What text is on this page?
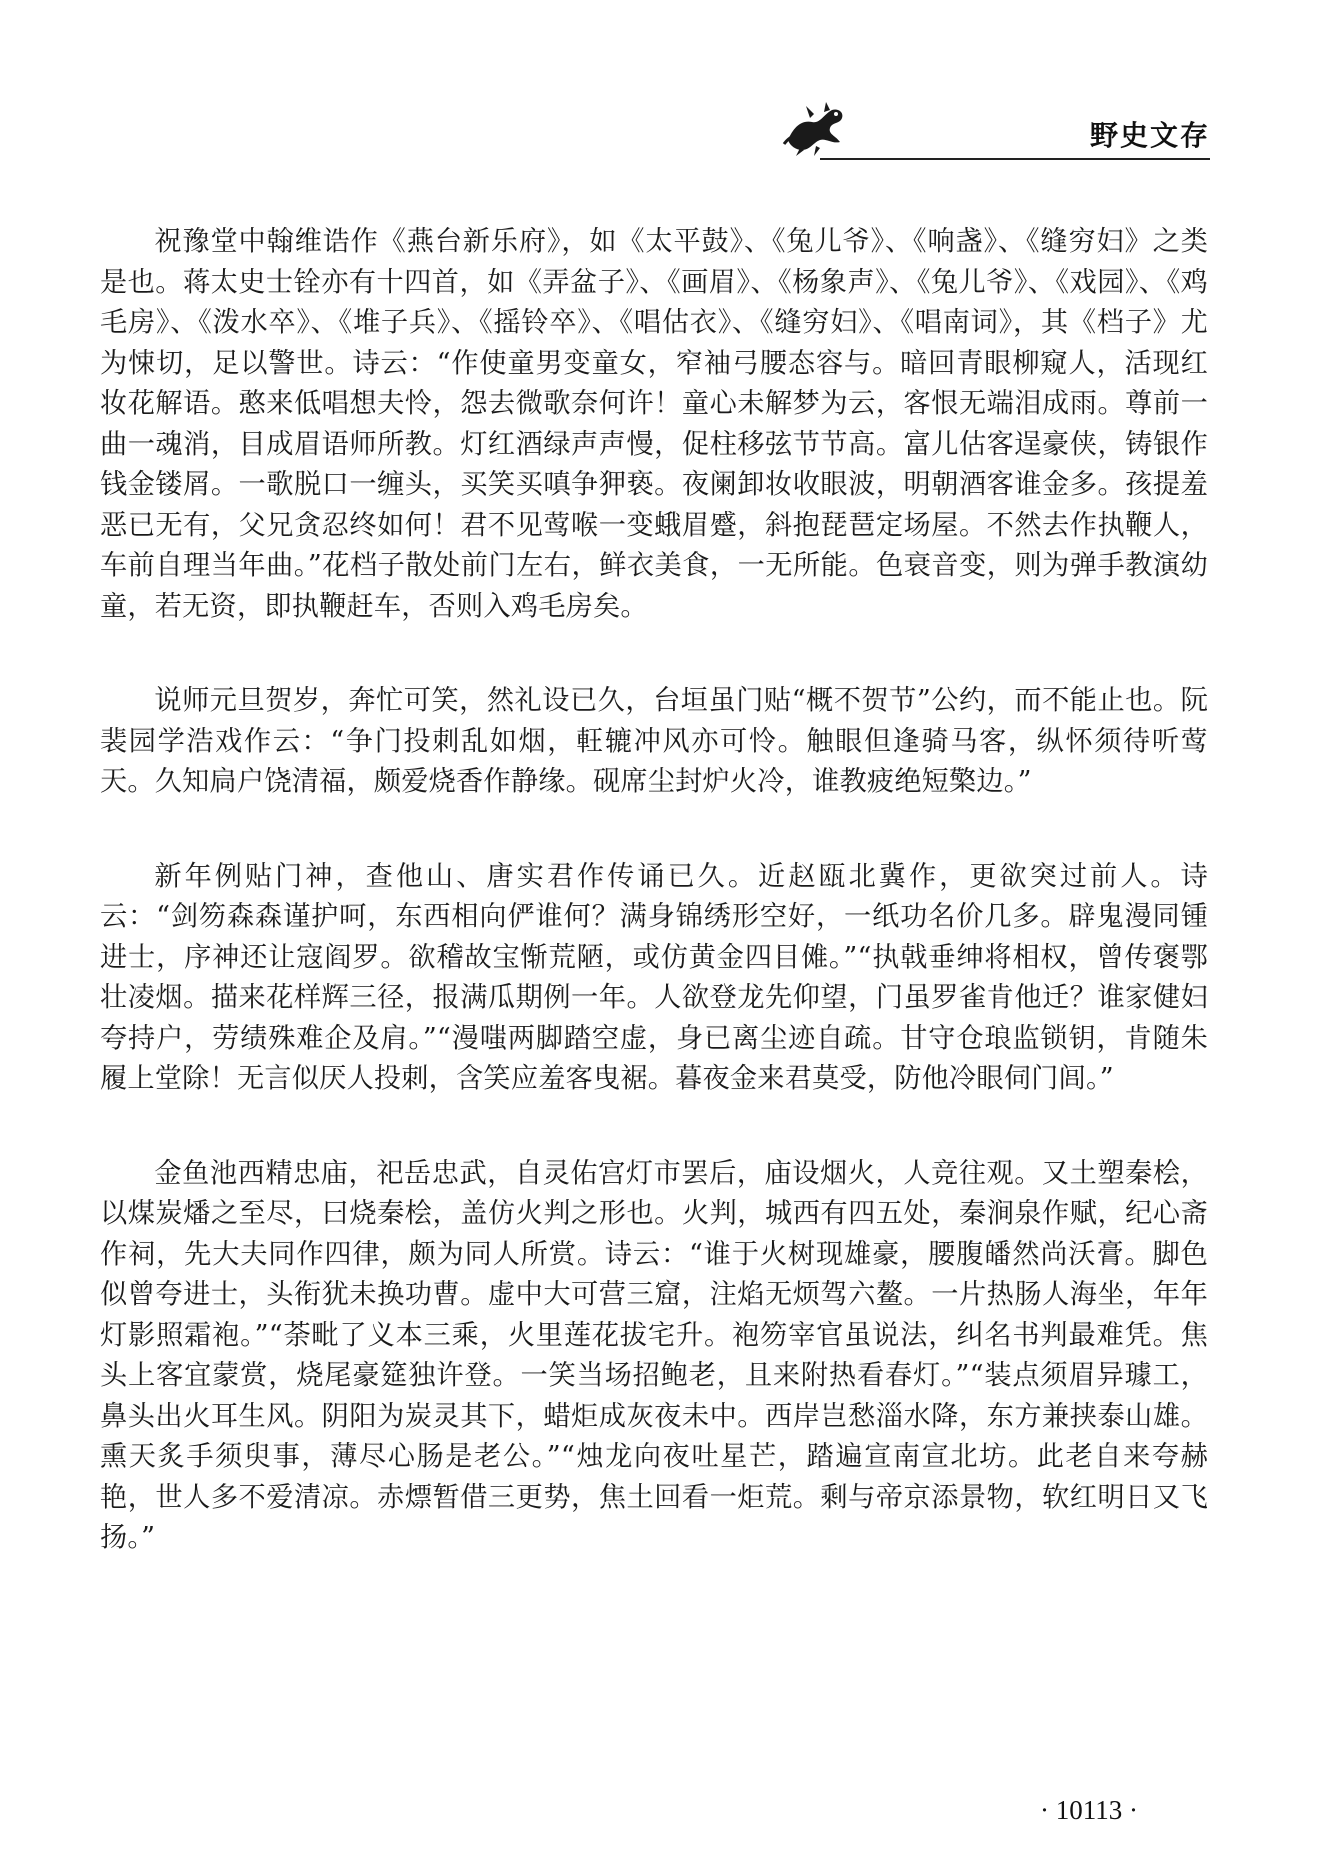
野史文存

祝豫堂中翰维诰作《燕台新乐府》，如《太平鼓》、《兔儿爷》、《响盏》、《缝穷妇》之类是也。蒋太史士铨亦有十四首，如《弄盆子》、《画眉》、《杨象声》、《兔儿爷》、《戏园》、《鸡毛房》、《泼水卒》、《堆子兵》、《摇铃卒》、《唱估衣》、《缝穷妇》、《唱南词》，其《档子》尤为悚切，足以警世。诗云：“作使童男变童女，窄袖弓腰态容与。暗回青眼柳窥人，活现红妆花解语。憨来低唱想夫怜，怨去微歌奈何许！童心未解梦为云，客恨无端泪成雨。尊前一曲一魂消，目成眉语师所教。灯红酒绿声声慢，促柱移弦节节高。富儿估客逞豪侠，铸银作钱金镂屑。一歌脱口一缠头，买笑买嗔争狎亵。夜阑卸妆收眼波，明朝酒客谁金多。孩提羞恶已无有，父兄贪忍终如何！君不见莺喉一变蛾眉蹙，斜抱琵琶定场屋。不然去作执鞭人，车前自理当年曲。”花档子散处前门左右，鲜衣美食，一无所能。色衰音变，则为弹手教演幼童，若无资，即执鞭赶车，否则入鸡毛房矣。

说师元旦贺岁，奔忙可笑，然礼设已久，台垣虽门贴“概不贺节”公约，而不能止也。阮裴园学浩戏作云：“争门投刺乱如烟，軖辘冲风亦可怜。触眼但逢骑马客，纵怀须待听莺天。久知扃户饶清福，颇爱烧香作静缘。砚席尘封炉火冷，谁教疲绝短檠边。”

新年例贴门神，查他山、唐实君作传诵已久。近赵瓯北冀作，更欲突过前人。诗云：“剑笏森森谨护呵，东西相向俨谁何？满身锦绣形空好，一纸功名价几多。辟鬼漫同锺进士，序神还让寇阎罗。欲稽故宝惭荒陋，或仿黄金四目傩。”“执戟垂绅将相权，曾传褒鄂壮凌烟。描来花样辉三径，报满瓜期例一年。人欲登龙先仰望，门虽罗雀肯他迁？谁家健妇夸持户，劳绩殊难企及肩。”“漫嗤两脚踏空虚，身已离尘迹自疏。甘守仓琅监锁钥，肯随朱履上堂除！无言似厌人投刺，含笑应羞客曳裾。暮夜金来君莫受，防他冷眼伺门闾。”

金鱼池西精忠庙，祀岳忠武，自灵佑宫灯市罢后，庙设烟火，人竞往观。又土塑秦桧，以煤炭燔之至尽，曰烧秦桧，盖仿火判之形也。火判，城西有四五处，秦涧泉作赋，纪心斋作祠，先大夫同作四律，颇为同人所赏。诗云：“谁于火树现雄豪，腰腹皤然尚沃膏。脚色似曾夸进士，头衔犹未换功曹。虚中大可营三窟，注焰无烦驾六鳌。一片热肠人海坐，年年灯影照霜袍。”“荼毗了义本三乘，火里莲花拔宅升。袍笏宰官虽说法，纠名书判最难凭。焦头上客宜蒙赏，烧尾豪筵独许登。一笑当场招鲍老，且来附热看春灯。”“装点须眉异璩工，鼻头出火耳生风。阴阳为炭灵其下，蜡炬成灰夜未中。西岸岂愁淄水降，东方兼挟泰山雄。熏天炙手须臾事，薄尽心肠是老公。”“烛龙向夜吐星芒，踏遍宣南宣北坊。此老自来夸赫艳，世人多不爱清凉。赤熛暂借三更势，焦土回看一炬荒。剩与帝京添景物，软红明日又飞扬。”

· 10113 ·
